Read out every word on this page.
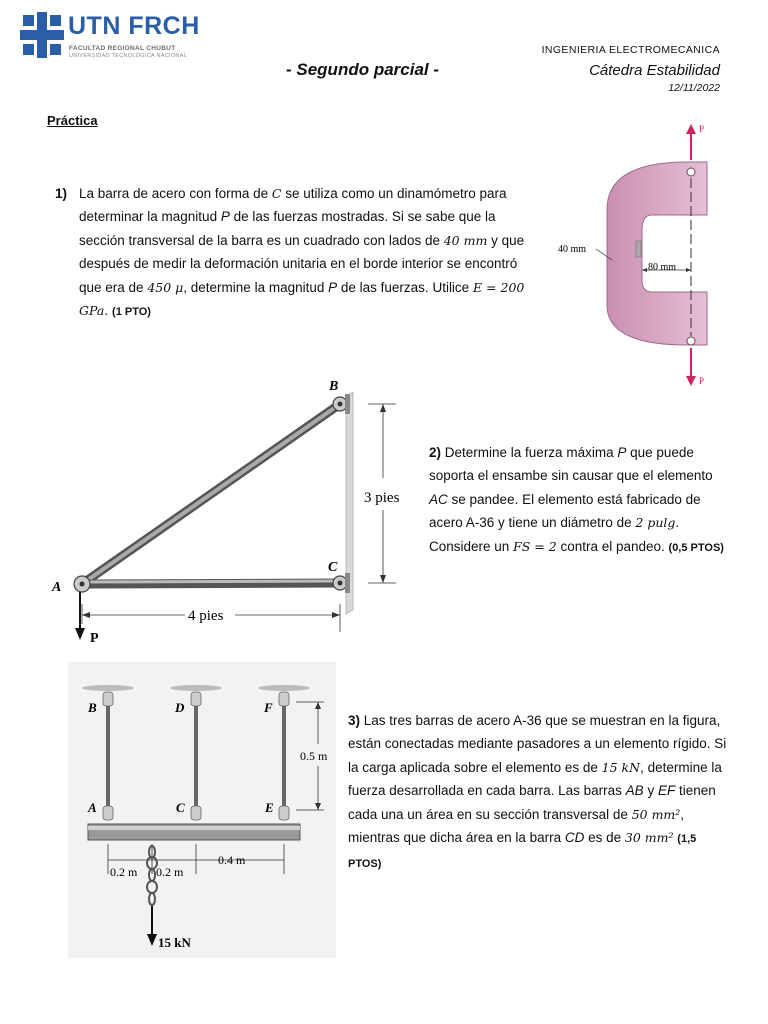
UTN FRCH
FACULTAD REGIONAL CHUBUT
UNIVERSIDAD TECNOLÓGICA NACIONAL	INGENIERIA ELECTROMECANICA
- Segundo parcial -	Cátedra Estabilidad
12/11/2022
Práctica
1) La barra de acero con forma de C se utiliza como un dinamómetro para determinar la magnitud P de las fuerzas mostradas. Si se sabe que la sección transversal de la barra es un cuadrado con lados de 40 mm y que después de medir la deformación unitaria en el borde interior se encontró que era de 450 μ, determine la magnitud P de las fuerzas. Utilice E = 200 GPa. (1 PTO)
P
40 mm
80 mm
P
B
C
A
P
3 pies
4 pies
2) Determine la fuerza máxima P que puede soporta el ensambe sin causar que el elemento AC se pandee. El elemento está fabricado de acero A-36 y tiene un diámetro de 2 pulg. Considere un FS = 2 contra el pandeo. (0,5 PTOS)
B	D	F
A	C	E
0.5 m
0.2 m 0.2 m
0.4 m
15 kN
3) Las tres barras de acero A-36 que se muestran en la figura, están conectadas mediante pasadores a un elemento rígido. Si la carga aplicada sobre el elemento es de 15 kN, determine la fuerza desarrollada en cada barra. Las barras AB y EF tienen cada una un área en su sección transversal de 50 mm², mientras que dicha área en la barra CD es de 30 mm² (1,5 PTOS)
